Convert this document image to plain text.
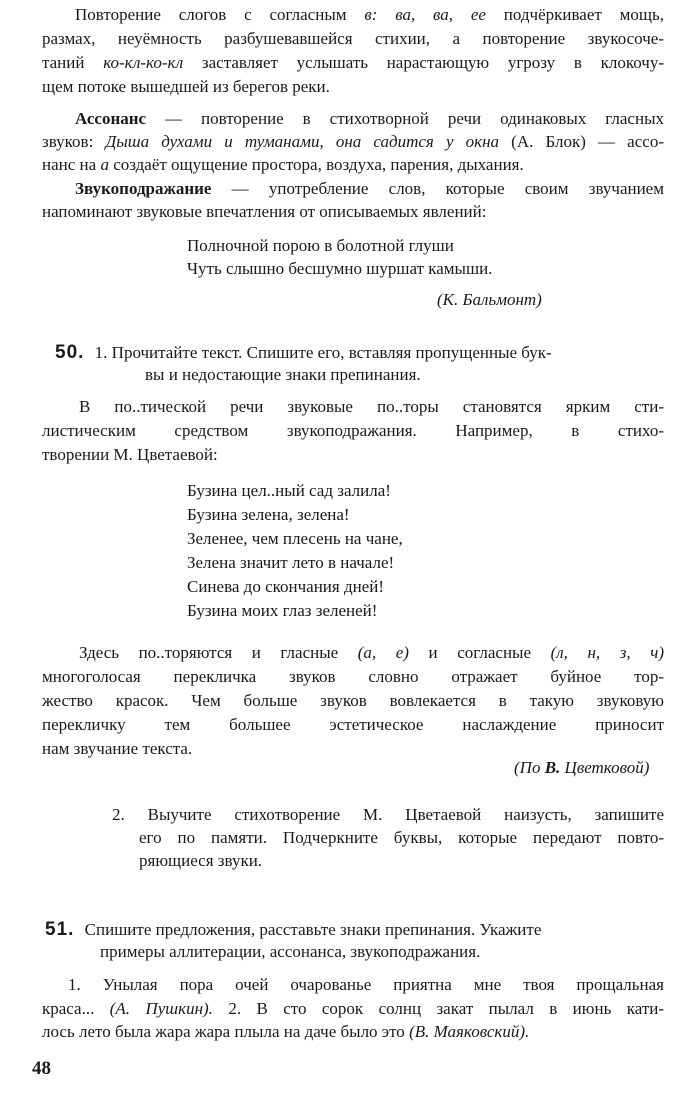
Повторение слогов с согласным в: ва, ва, ее подчёркивает мощь,
размах, неуёмность разбушевавшейся стихии, а повторение звукосоче-
таний ко-кл-ко-кл заставляет услышать нарастающую угрозу в клокочу-
щем потоке вышедшей из берегов реки.
Ассонанс — повторение в стихотворной речи одинаковых гласных
звуков: Дыша духами и туманами, она садится у окна (А. Блок) — ассо-
нанс на а создаёт ощущение простора, воздуха, парения, дыхания.
Звукоподражание — употребление слов, которые своим звучанием
напоминают звуковые впечатления от описываемых явлений:
Полночной порою в болотной глуши
Чуть слышно бесшумно шуршат камыши.
(К. Бальмонт)
50. 1. Прочитайте текст. Спишите его, вставляя пропущенные бук-
вы и недостающие знаки препинания.
В по..тической речи звуковые по..торы становятся ярким сти-
листическим средством звукоподражания. Например, в стихо-
творении М. Цветаевой:
Бузина цел..ный сад залила!
Бузина зелена, зелена!
Зеленее, чем плесень на чане,
Зелена значит лето в начале!
Синева до скончания дней!
Бузина моих глаз зеленей!
Здесь по..торяются и гласные (а, е) и согласные (л, н, з, ч)
многоголосая перекличка звуков словно отражает буйное тор-
жество красок. Чем больше звуков вовлекается в такую звуковую
перекличку тем большее эстетическое наслаждение приносит
нам звучание текста.
(По В. Цветковой)
2. Выучите стихотворение М. Цветаевой наизусть, запишите
его по памяти. Подчеркните буквы, которые передают повто-
ряющиеся звуки.
51. Спишите предложения, расставьте знаки препинания. Укажите
примеры аллитерации, ассонанса, звукоподражания.
1. Унылая пора очей очарованье приятна мне твоя прощальная
краса... (А. Пушкин). 2. В сто сорок солнц закат пылал в июнь кати-
лось лето была жара жара плыла на даче было это (В. Маяковский).
48
